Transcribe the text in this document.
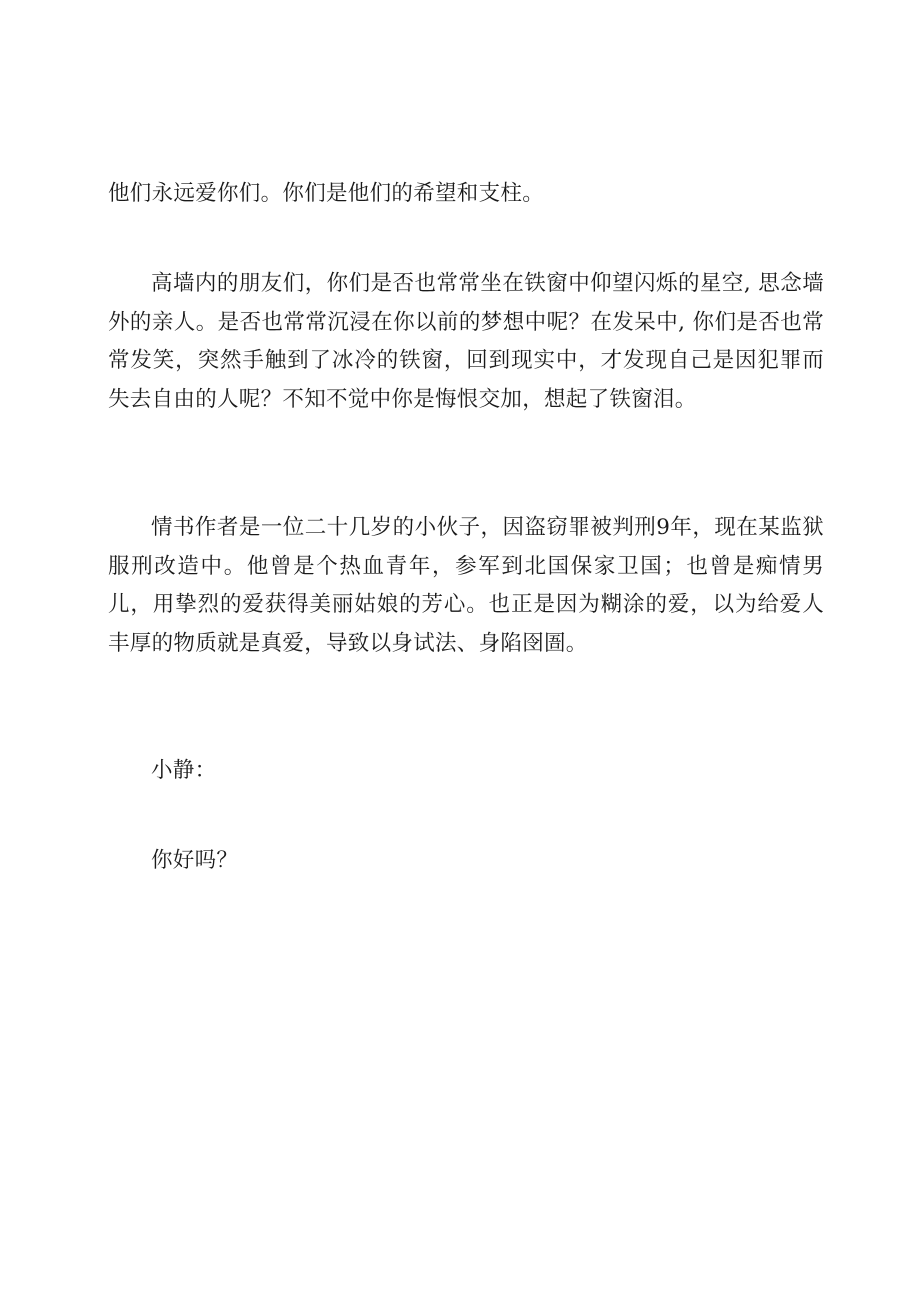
他们永远爱你们。你们是他们的希望和支柱。

高墙内的朋友们，你们是否也常常坐在铁窗中仰望闪烁的星空, 思念墙外的亲人。是否也常常沉浸在你以前的梦想中呢？在发呆中, 你们是否也常常发笑，突然手触到了冰冷的铁窗，回到现实中，才发现自己是因犯罪而失去自由的人呢？不知不觉中你是悔恨交加，想起了铁窗泪。

情书作者是一位二十几岁的小伙子，因盗窃罪被判刑9年，现在某监狱服刑改造中。他曾是个热血青年，参军到北国保家卫国；也曾是痴情男儿，用挚烈的爱获得美丽姑娘的芳心。也正是因为糊涂的爱，以为给爱人丰厚的物质就是真爱，导致以身试法、身陷囹圄。

小静：

你好吗？
